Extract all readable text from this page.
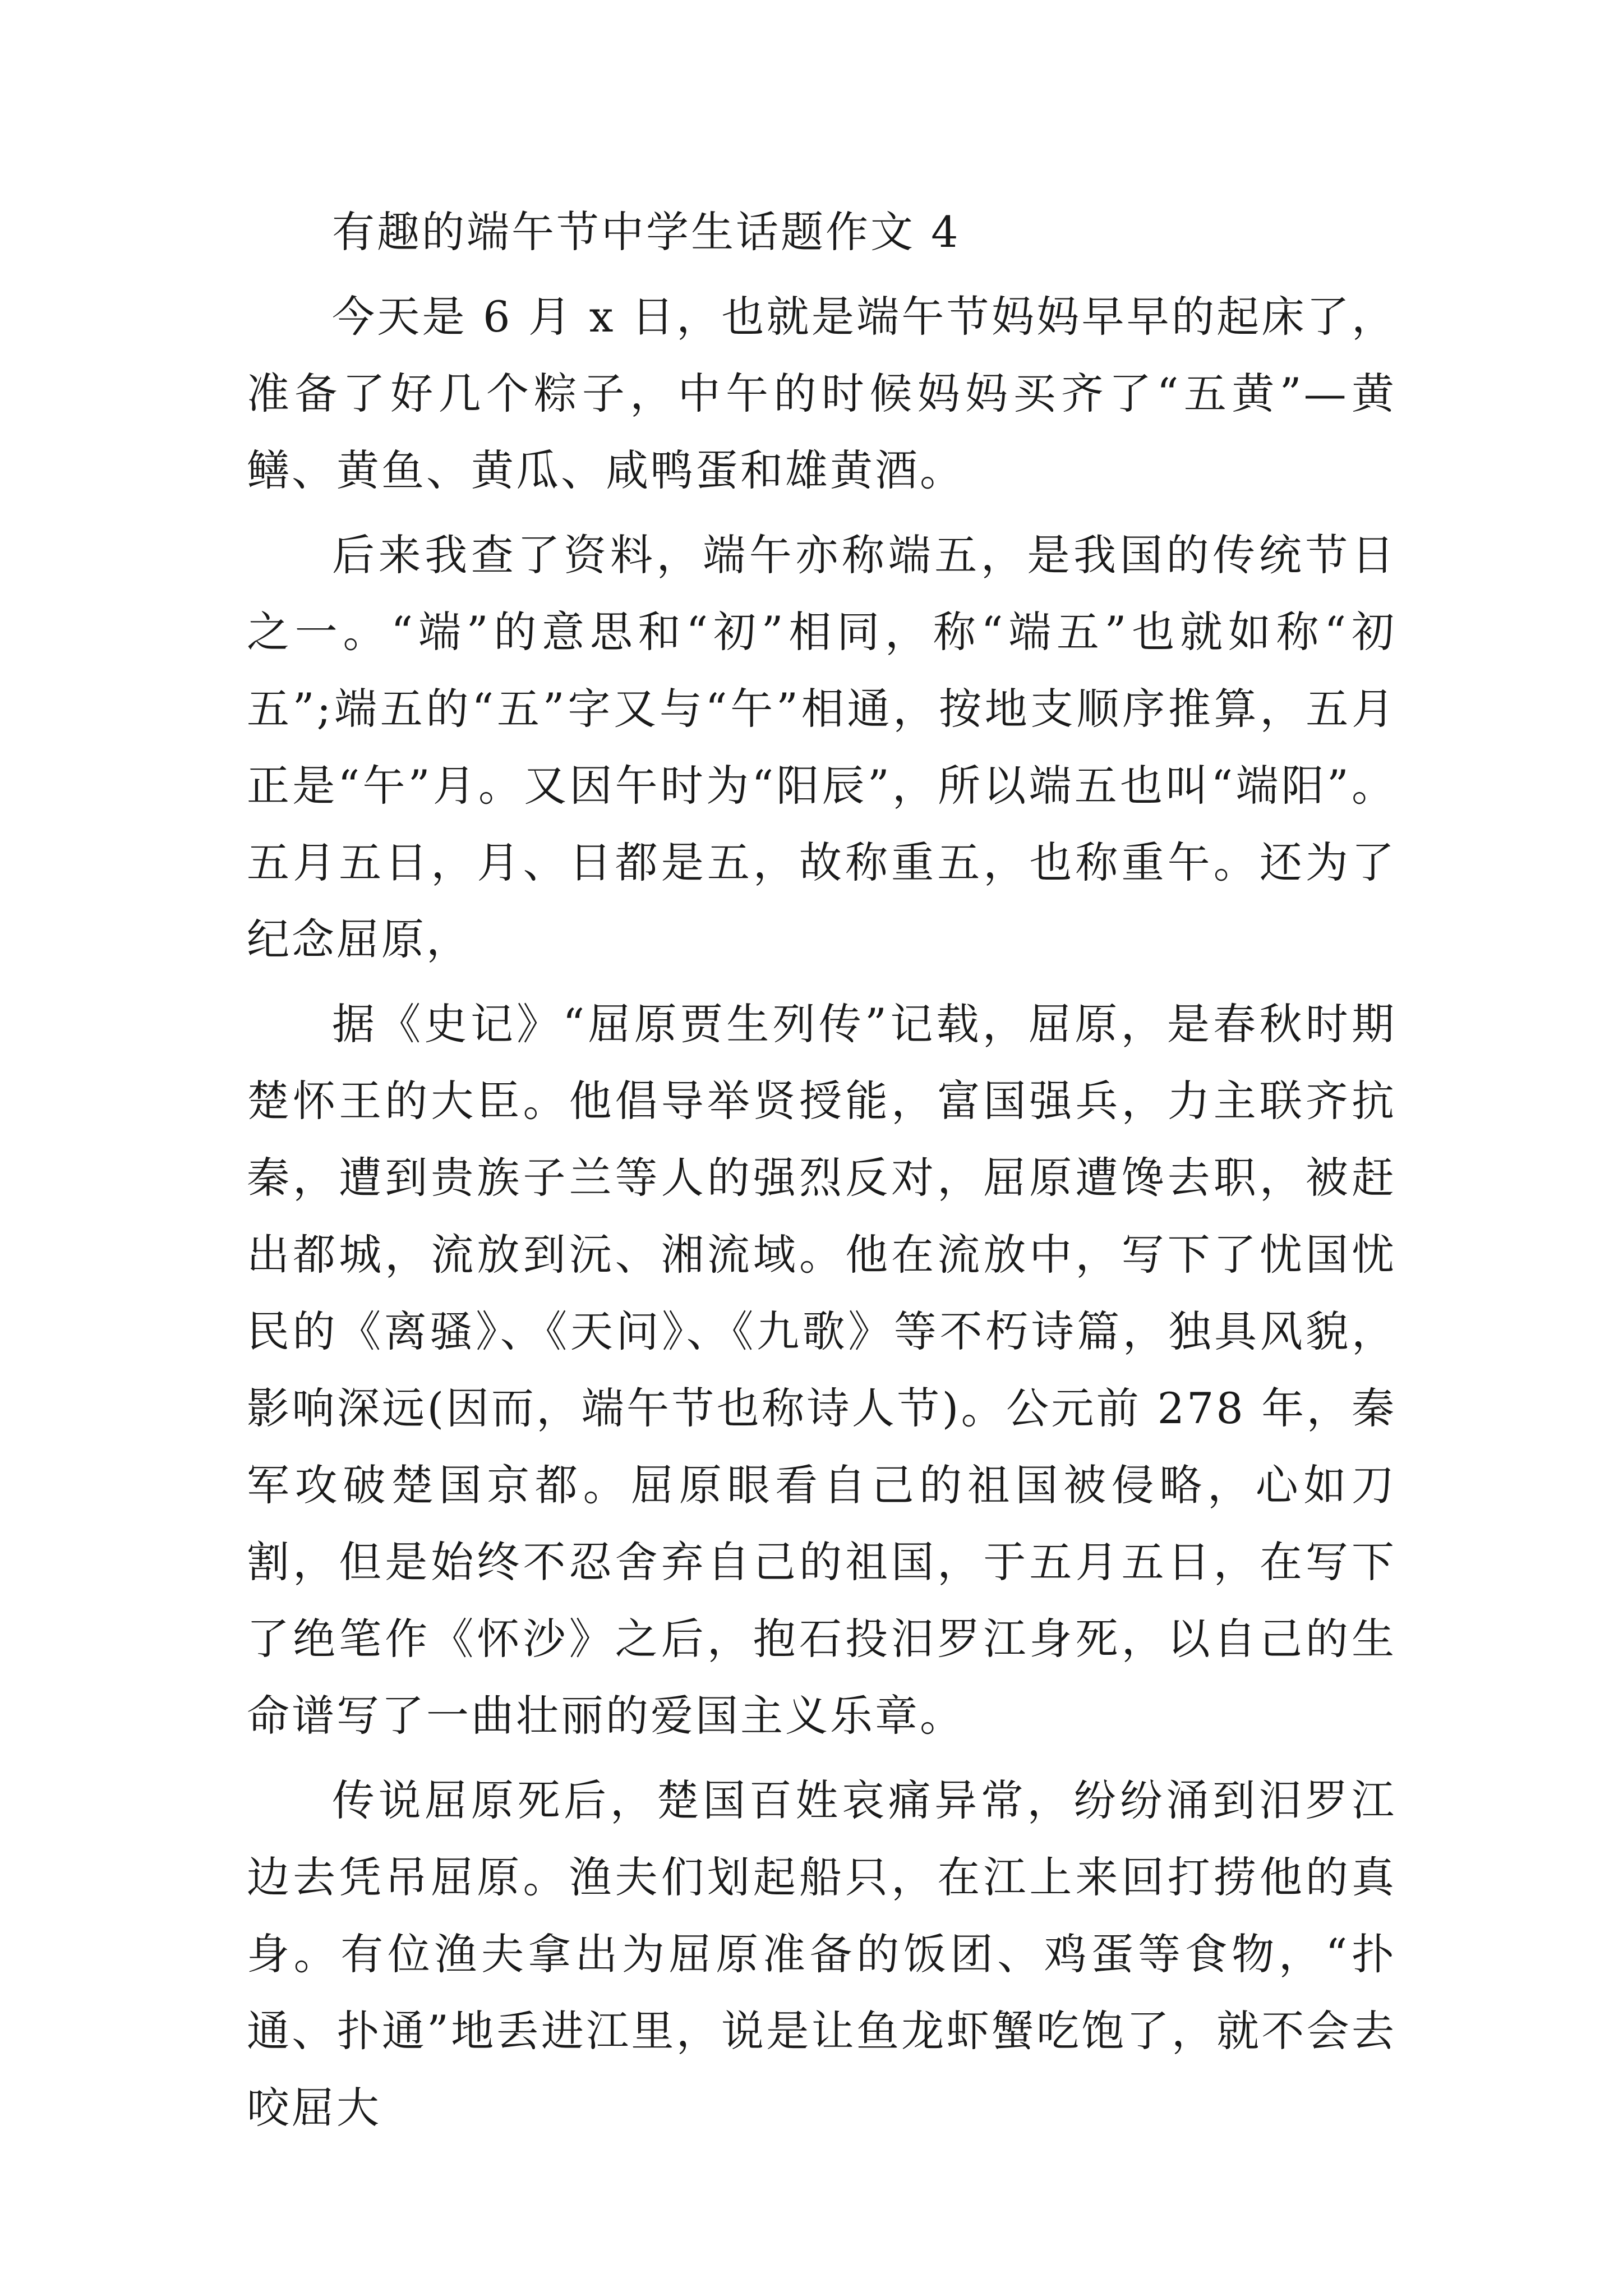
有趣的端午节中学生话题作文 4

今天是 6 月 x 日，也就是端午节妈妈早早的起床了，准备了好几个粽子，中午的时候妈妈买齐了“五黄”—黄鳝、黄鱼、黄瓜、咸鸭蛋和雄黄酒。

后来我查了资料，端午亦称端五，是我国的传统节日之一。“端”的意思和“初”相同，称“端五”也就如称“初五”;端五的“五”字又与“午”相通，按地支顺序推算，五月正是“午”月。又因午时为“阳辰”，所以端五也叫“端阳”。五月五日，月、日都是五，故称重五，也称重午。还为了纪念屈原，

据《史记》“屈原贾生列传”记载，屈原，是春秋时期楚怀王的大臣。他倡导举贤授能，富国强兵，力主联齐抗秦，遭到贵族子兰等人的强烈反对，屈原遭馋去职，被赶出都城，流放到沅、湘流域。他在流放中，写下了忧国忧民的《离骚》、《天问》、《九歌》等不朽诗篇，独具风貌，影响深远(因而，端午节也称诗人节)。公元前 278 年，秦军攻破楚国京都。屈原眼看自己的祖国被侵略，心如刀割，但是始终不忍舍弃自己的祖国，于五月五日，在写下了绝笔作《怀沙》之后，抱石投汨罗江身死，以自己的生命谱写了一曲壮丽的爱国主义乐章。

传说屈原死后，楚国百姓哀痛异常，纷纷涌到汨罗江边去凭吊屈原。渔夫们划起船只，在江上来回打捞他的真身。有位渔夫拿出为屈原准备的饭团、鸡蛋等食物，“扑通、扑通”地丢进江里，说是让鱼龙虾蟹吃饱了，就不会去咬屈大
